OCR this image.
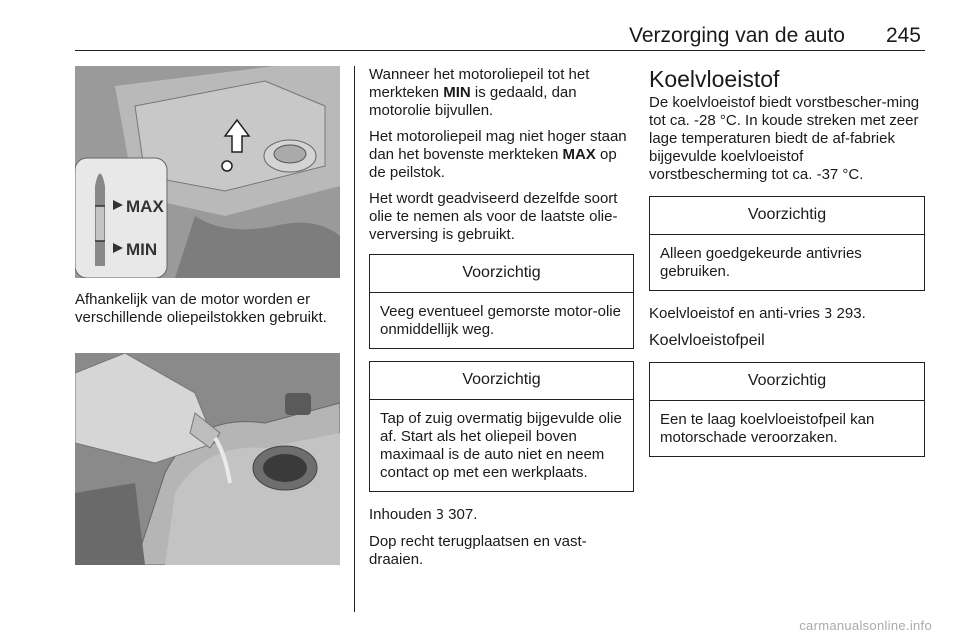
Verzorging van de auto 245
MAX
MIN
Afhankelijk van de motor worden er verschillende oliepeilstokken gebruikt.

Wanneer het motoroliepeil tot het merkteken MIN is gedaald, dan motorolie bijvullen.

Het motoroliepeil mag niet hoger staan dan het bovenste merkteken MAX op de peilstok.

Het wordt geadviseerd dezelfde soort olie te nemen als voor de laatste olie-verversing is gebruikt.

Voorzichtig
Veeg eventueel gemorste motor-olie onmiddellijk weg.
Voorzichtig
Tap of zuig overmatig bijgevulde olie af. Start als het oliepeil boven maximaal is de auto niet en neem contact op met een werkplaats.

Inhouden 3 307.

Dop recht terugplaatsen en vast-draaien.

Koelvloeistof

De koelvloeistof biedt vorstbescher-ming tot ca. -28 °C. In koude streken met zeer lage temperaturen biedt de af-fabriek bijgevulde koelvloeistof vorstbescherming tot ca. -37 °C.

Voorzichtig
Alleen goedgekeurde antivries gebruiken.

Koelvloeistof en anti-vries 3 293.

Koelvloeistofpeil
Voorzichtig
Een te laag koelvloeistofpeil kan motorschade veroorzaken.
carmanualsonline.info
